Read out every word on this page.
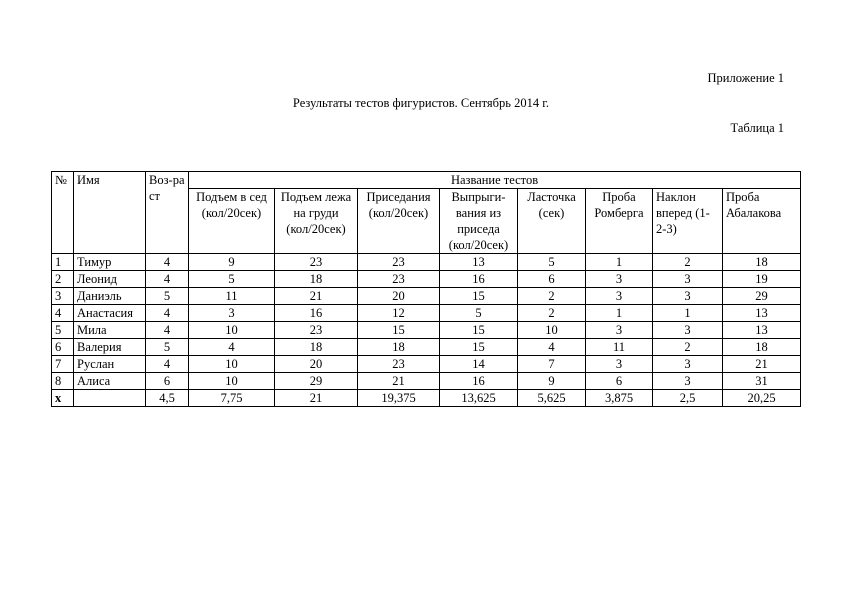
Приложение 1
Результаты тестов фигуристов. Сентябрь 2014 г.
Таблица 1
№	Имя	Воз-раст	Название тестов							
			Подъем в сед (кол/20сек)	Подъем лежа на груди (кол/20сек)	Приседания (кол/20сек)	Выпрыги-вания из приседа (кол/20сек)	Ласточка (сек)	Проба Ромберга	Наклон вперед (1-2-3)	Проба Абалакова
1	Тимур	4	9	23	23	13	5	1	2	18
2	Леонид	4	5	18	23	16	6	3	3	19
3	Даниэль	5	11	21	20	15	2	3	3	29
4	Анастасия	4	3	16	12	5	2	1	1	13
5	Мила	4	10	23	15	15	10	3	3	13
6	Валерия	5	4	18	18	15	4	11	2	18
7	Руслан	4	10	20	23	14	7	3	3	21
8	Алиса	6	10	29	21	16	9	6	3	31
x		4,5	7,75	21	19,375	13,625	5,625	3,875	2,5	20,25
